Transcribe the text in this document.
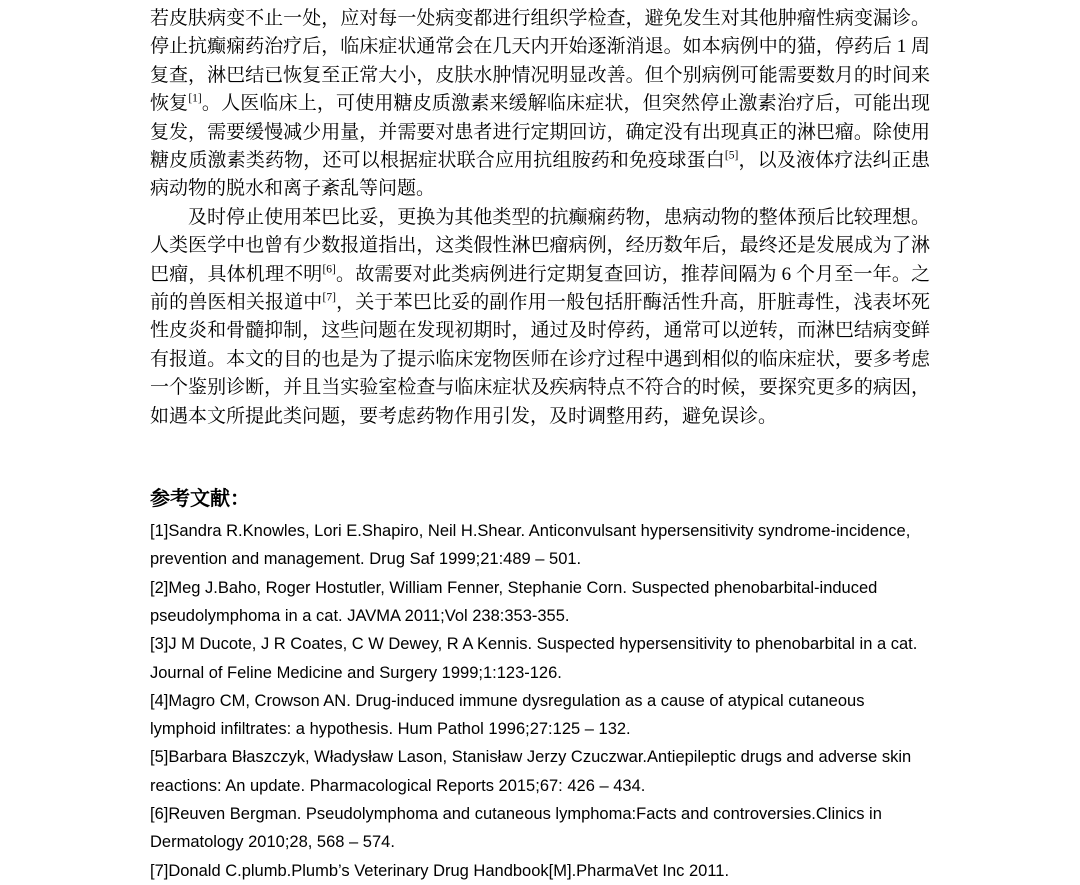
若皮肤病变不止一处，应对每一处病变都进行组织学检查，避免发生对其他肿瘤性病变漏诊。停止抗癫痫药治疗后，临床症状通常会在几天内开始逐渐消退。如本病例中的猫，停药后 1 周复查，淋巴结已恢复至正常大小，皮肤水肿情况明显改善。但个别病例可能需要数月的时间来恢复[1]。人医临床上，可使用糖皮质激素来缓解临床症状，但突然停止激素治疗后，可能出现复发，需要缓慢减少用量，并需要对患者进行定期回访，确定没有出现真正的淋巴瘤。除使用糖皮质激素类药物，还可以根据症状联合应用抗组胺药和免疫球蛋白[5]，以及液体疗法纠正患病动物的脱水和离子紊乱等问题。

及时停止使用苯巴比妥，更换为其他类型的抗癫痫药物，患病动物的整体预后比较理想。人类医学中也曾有少数报道指出，这类假性淋巴瘤病例，经历数年后，最终还是发展成为了淋巴瘤，具体机理不明[6]。故需要对此类病例进行定期复查回访，推荐间隔为 6 个月至一年。之前的兽医相关报道中[7]，关于苯巴比妥的副作用一般包括肝酶活性升高，肝脏毒性，浅表坏死性皮炎和骨髓抑制，这些问题在发现初期时，通过及时停药，通常可以逆转，而淋巴结病变鲜有报道。本文的目的也是为了提示临床宠物医师在诊疗过程中遇到相似的临床症状，要多考虑一个鉴别诊断，并且当实验室检查与临床症状及疾病特点不符合的时候，要探究更多的病因，如遇本文所提此类问题，要考虑药物作用引发，及时调整用药，避免误诊。

参考文献：

[1]Sandra R.Knowles, Lori E.Shapiro, Neil H.Shear. Anticonvulsant hypersensitivity syndrome-incidence, prevention and management. Drug Saf 1999;21:489 – 501.

[2]Meg J.Baho, Roger Hostutler, William Fenner, Stephanie Corn. Suspected phenobarbital-induced pseudolymphoma in a cat. JAVMA 2011;Vol 238:353-355.

[3]J M Ducote, J R Coates, C W Dewey, R A Kennis. Suspected hypersensitivity to phenobarbital in a cat. Journal of Feline Medicine and Surgery 1999;1:123-126.

[4]Magro CM, Crowson AN. Drug-induced immune dysregulation as a cause of atypical cutaneous lymphoid infiltrates: a hypothesis. Hum Pathol 1996;27:125 – 132.

[5]Barbara Błaszczyk, Władysław Lason, Stanisław Jerzy Czuczwar.Antiepileptic drugs and adverse skin reactions: An update. Pharmacological Reports 2015;67: 426 – 434.

[6]Reuven Bergman. Pseudolymphoma and cutaneous lymphoma:Facts and controversies.Clinics in Dermatology 2010;28, 568 – 574.

[7]Donald C.plumb.Plumb’s Veterinary Drug Handbook[M].PharmaVet Inc 2011.
